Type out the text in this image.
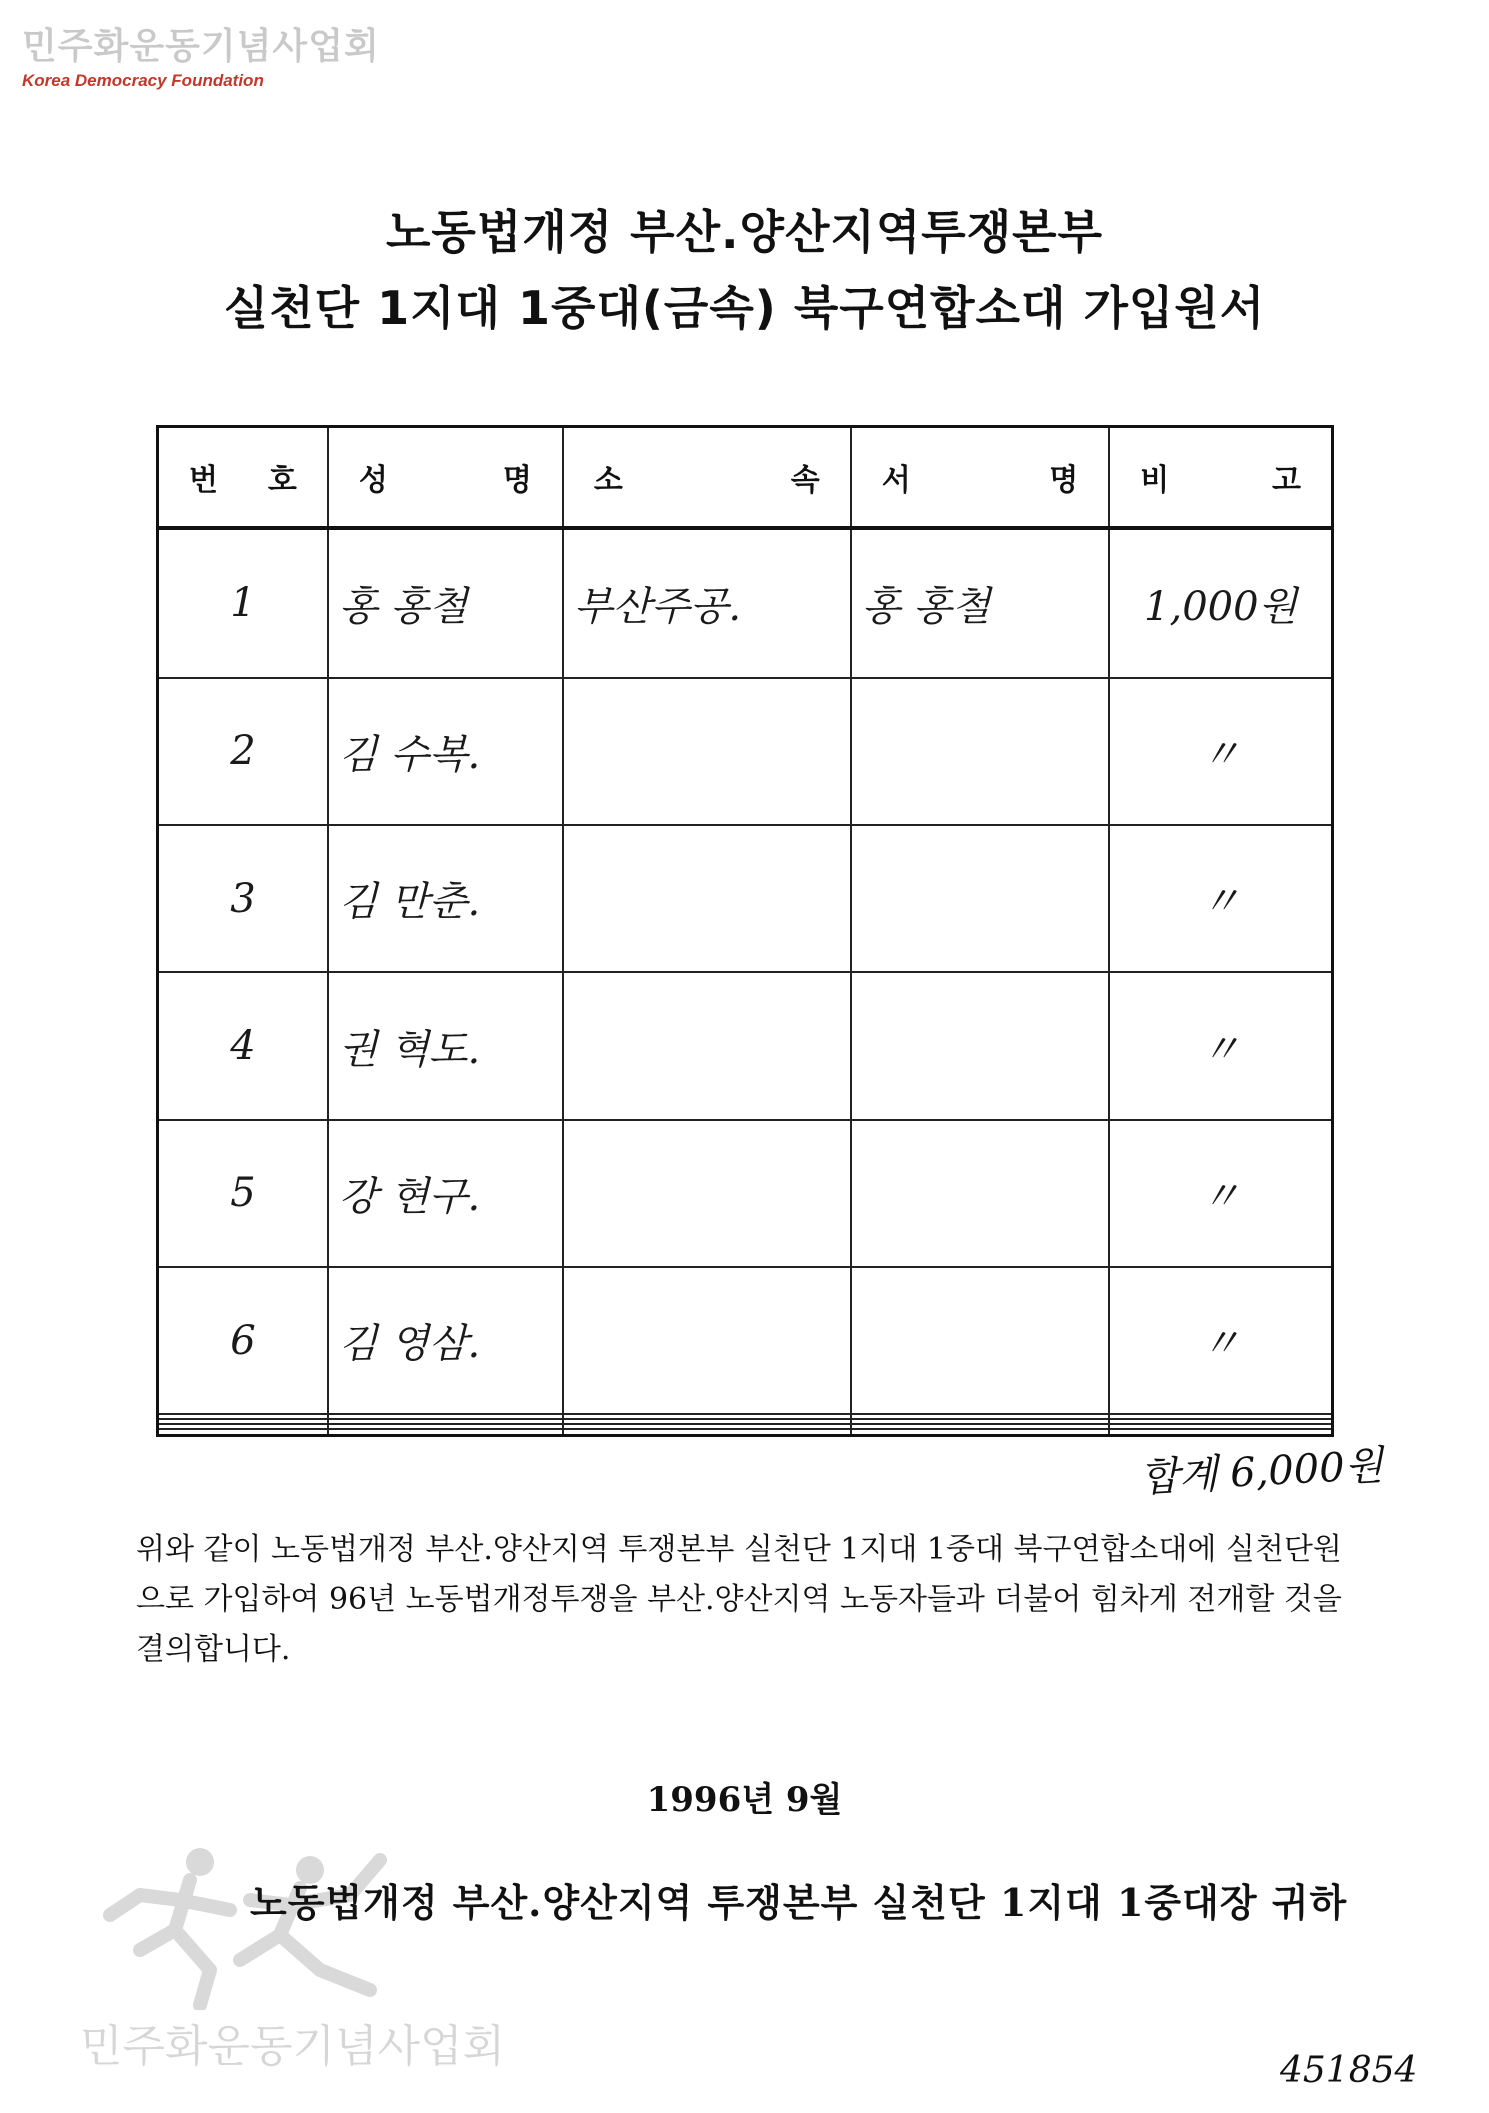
민주화운동기념사업회
Korea Democracy Foundation
노동법개정 부산.양산지역투쟁본부
실천단 1지대 1중대(금속) 북구연합소대 가입원서
번 호	성 명	소 속	서 명	비 고

1	홍 홍철	부산주공.	홍 홍철	1,000원
2	김 수복.			〃
3	김 만춘.			〃
4	권 혁도.			〃
5	강 현구.			〃
6	김 영삼.			〃

합계 6,000원
위와 같이 노동법개정 부산.양산지역 투쟁본부 실천단 1지대 1중대 북구연합소대에 실천단원
으로 가입하여 96년 노동법개정투쟁을 부산.양산지역 노동자들과 더불어 힘차게 전개할 것을
결의합니다.
1996년 9월
민주화운동기념사업회
노동법개정 부산.양산지역 투쟁본부 실천단 1지대 1중대장 귀하
451854
